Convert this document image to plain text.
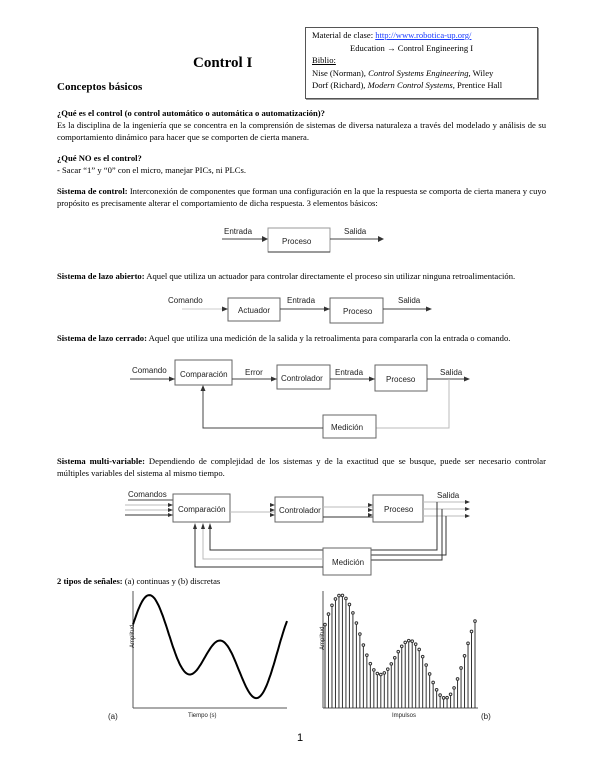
Control I
Conceptos básicos
Material de clase: http://www.robotica-up.org/
Education → Control Engineering I
Biblio:
Nise (Norman), Control Systems Engineering, Wiley
Dorf (Richard), Modern Control Systems, Prentice Hall
¿Qué es el control (o control automático o automática o automatización)?
Es la disciplina de la ingeniería que se concentra en la comprensión de sistemas de diversa naturaleza a través del modelado y análisis de su comportamiento dinámico para hacer que se comporten de cierta manera.
¿Qué NO es el control?
- Sacar “1” y “0” con el micro, manejar PICs, ni PLCs.
Sistema de control: Interconexión de componentes que forman una configuración en la que la respuesta se comporta de cierta manera y cuyo propósito es precisamente alterar el comportamiento de dicha respuesta. 3 elementos básicos:
Entrada
Proceso
Salida
Sistema de lazo abierto: Aquel que utiliza un actuador para controlar directamente el proceso sin utilizar ninguna retroalimentación.
Comando
Actuador
Entrada
Proceso
Salida
Sistema de lazo cerrado: Aquel que utiliza una medición de la salida y la retroalimenta para compararla con la entrada o comando.
Comando Comparación Error
Controlador
Entrada
Proceso
Salida
Medición
Sistema multi-variable: Dependiendo de complejidad de los sistemas y de la exactitud que se busque, puede ser necesario controlar múltiples variables del sistema al mismo tiempo.
Comandos
Comparación	Controlador	Proceso
Salida
Medición
2 tipos de señales: (a) continuas y (b) discretas
Amplitud
Tiempo (s)
(a)
Amplitud
Impulsos	(b)
1
